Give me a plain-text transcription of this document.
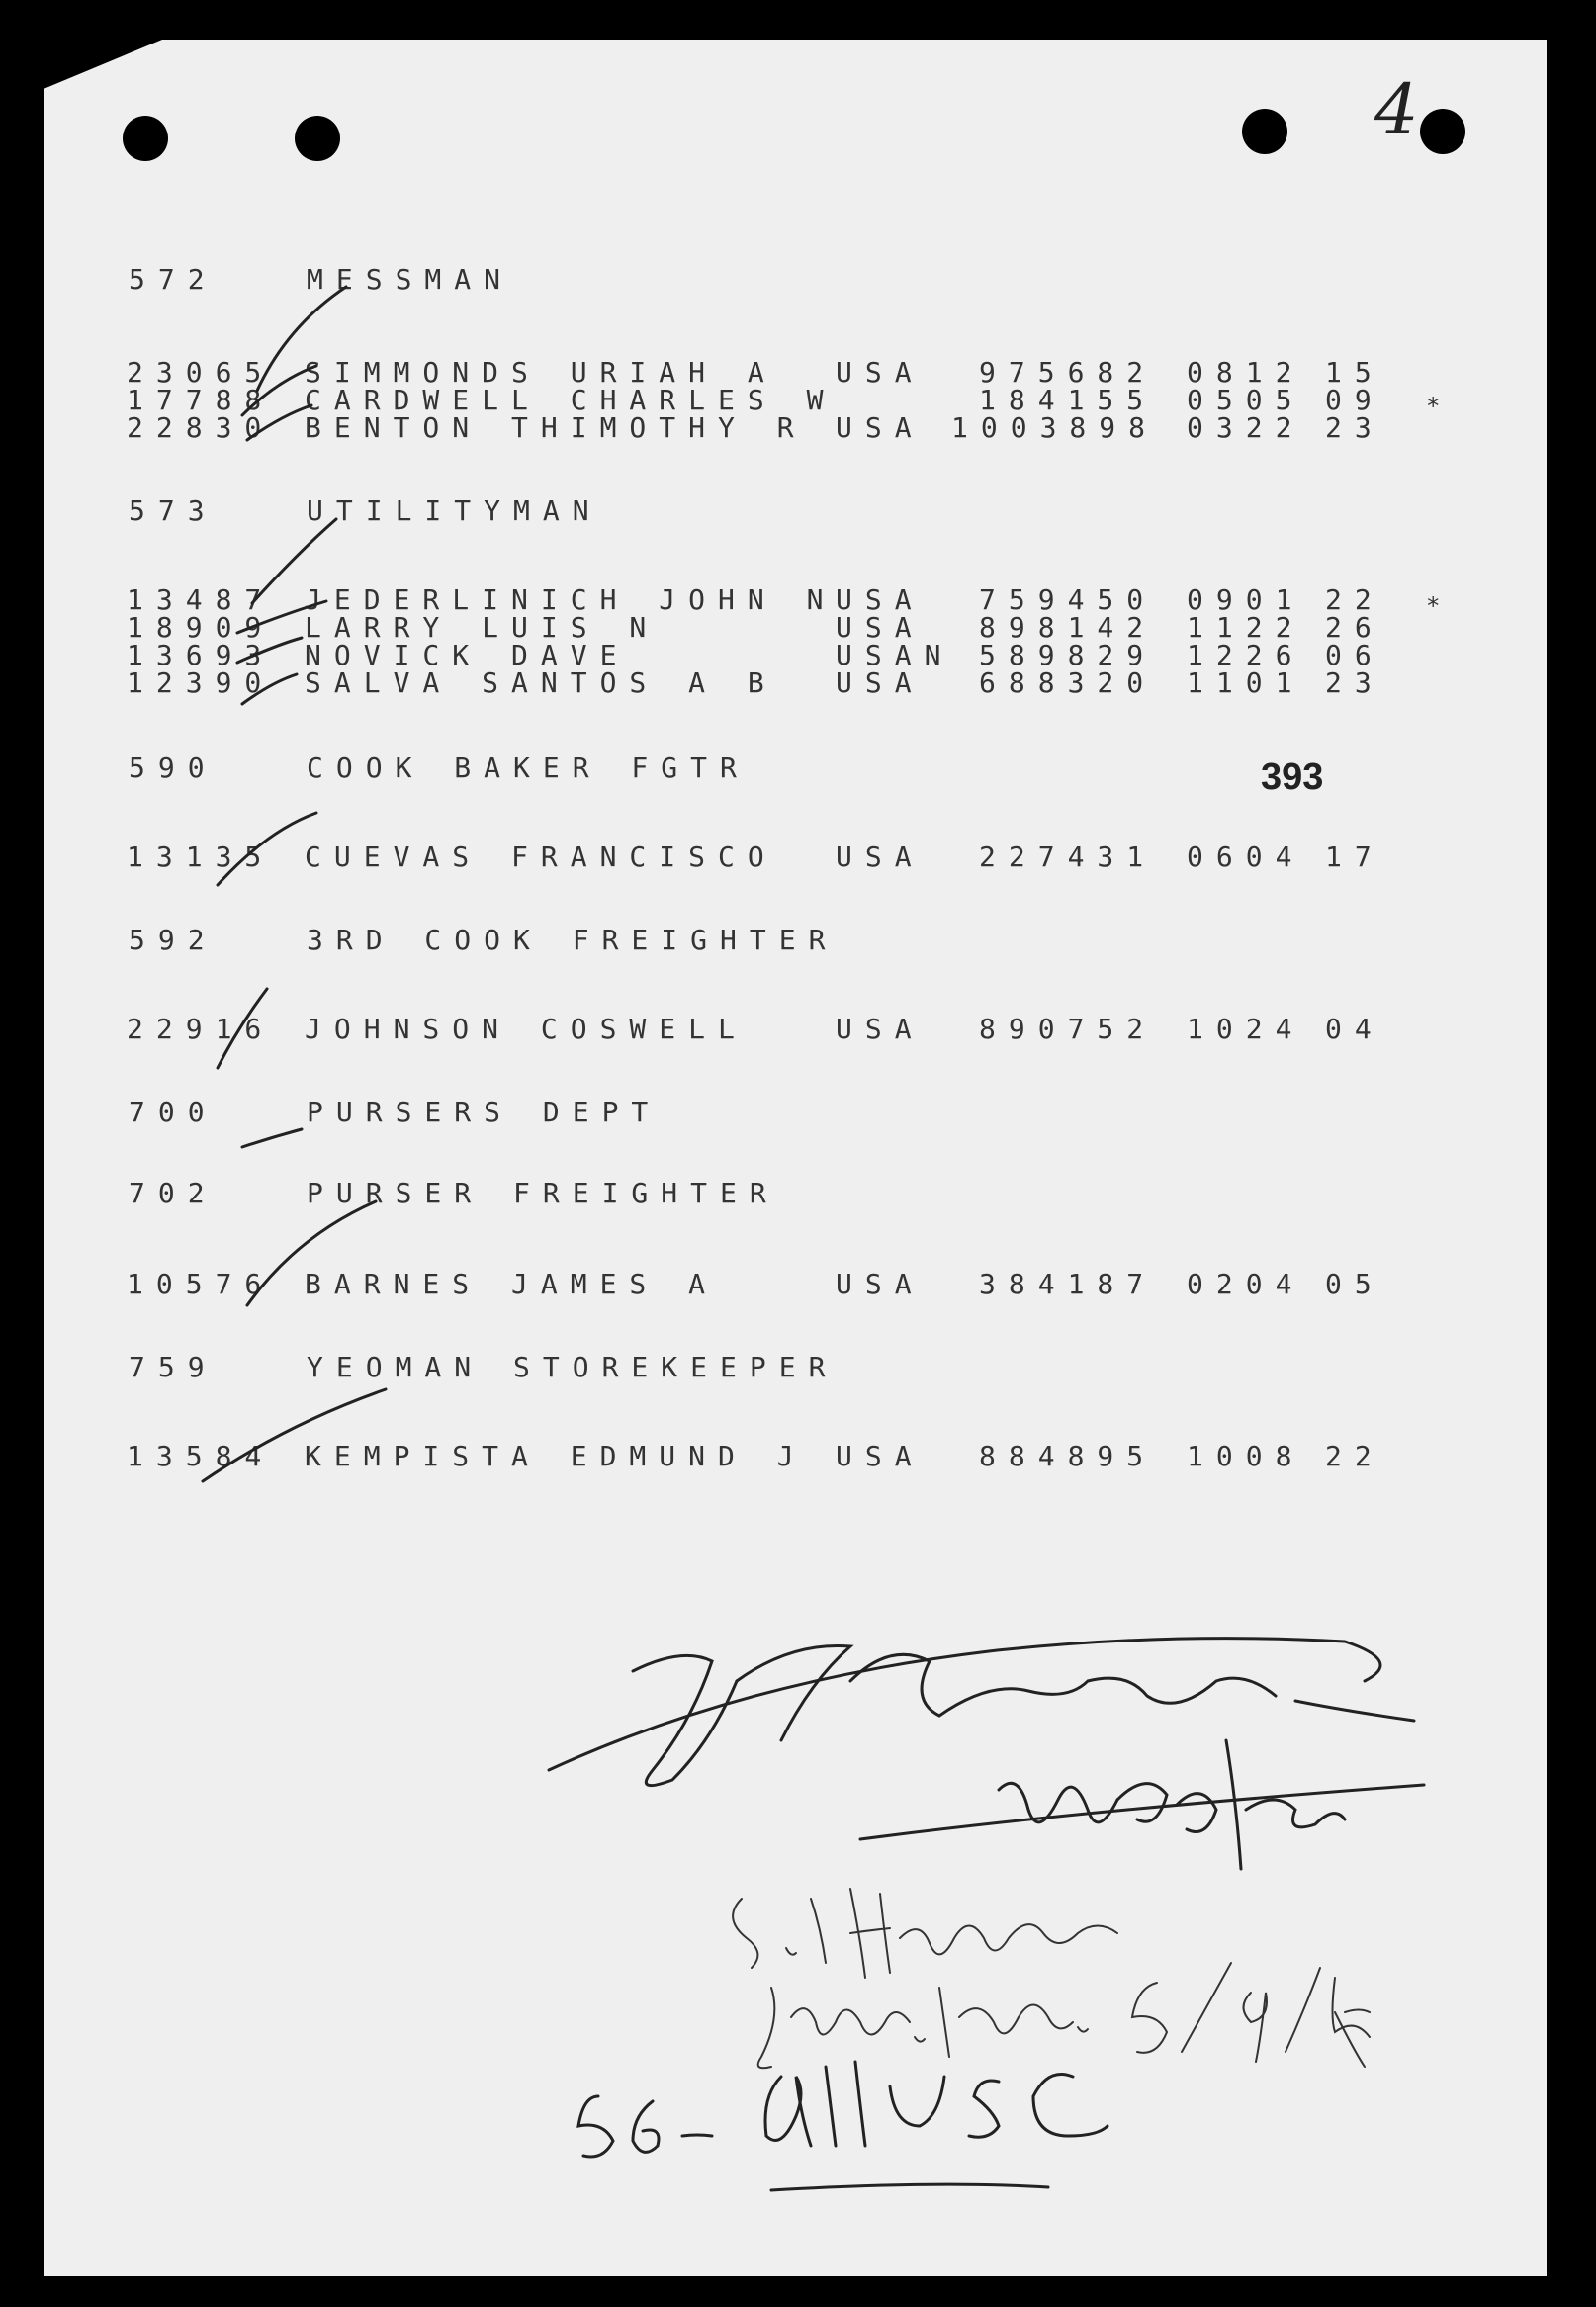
4
393
572	MESSMAN
23065 SIMMONDS URIAH A USA 975682 0812 15
17788 CARDWELL CHARLES W	184155 0505 09 *
22830 BENTON THIMOTHY R USA 1003898 0322 23
573	UTILITYMAN
13487 JEDERLINICH JOHN N USA 759450 0901 22 *
18909 LARRY LUIS N	USA 898142 1122 26
13693 NOVICK DAVE	USAN 589829 1226 06
12390 SALVA SANTOS A B USA 688320 1101 23
590	COOK BAKER FGTR
13135 CUEVAS FRANCISCO USA 227431 0604 17
592	3RD COOK FREIGHTER
22916 JOHNSON COSWELL	USA 890752 1024 04
700	PURSERS DEPT
702	PURSER FREIGHTER
10576 BARNES JAMES A	USA 384187 0204 05
759	YEOMAN STOREKEEPER
13584 KEMPISTA EDMUND J USA 884895 1008 22
